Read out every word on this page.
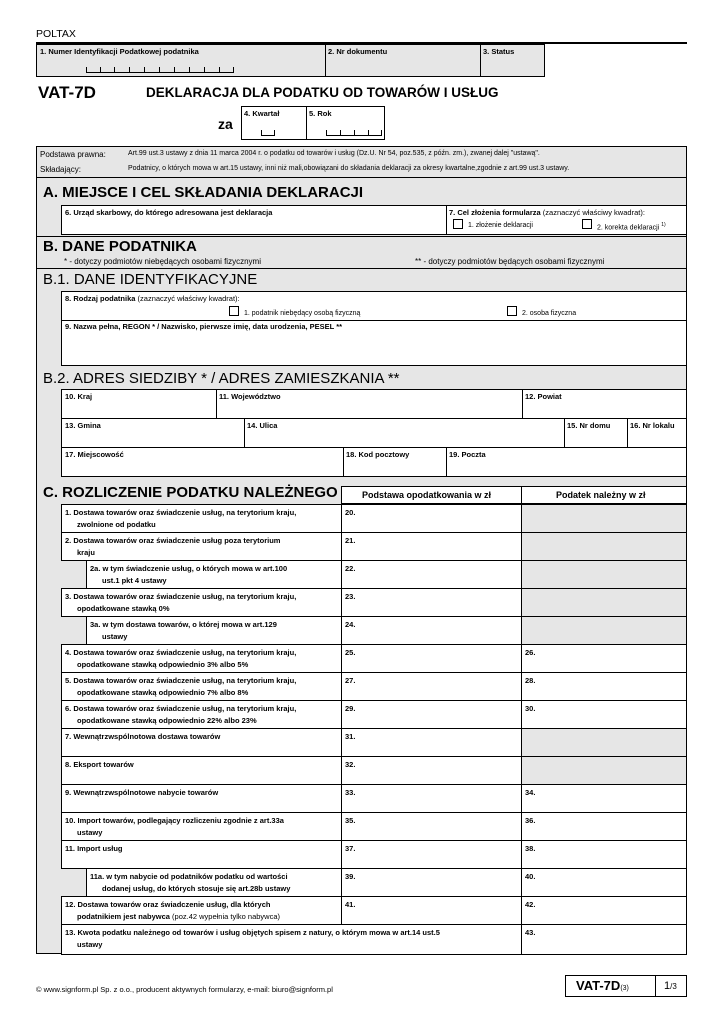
POLTAX
1. Numer Identyfikacji Podatkowej podatnika	2. Nr dokumentu	3. Status
VAT-7D	DEKLARACJA DLA PODATKU OD TOWARÓW I USŁUG
za
4. Kwartał	5. Rok
Podstawa prawna:	Art.99 ust.3 ustawy z dnia 11 marca 2004 r. o podatku od towarów i usług (Dz.U. Nr 54, poz.535, z późn. zm.), zwanej dalej "ustawą".
Składający:	Podatnicy, o których mowa w art.15 ustawy, inni niż mali,obowiązani do składania deklaracji za okresy kwartalne,zgodnie z art.99 ust.3 ustawy.
A. MIEJSCE I CEL SKŁADANIA DEKLARACJI
6. Urząd skarbowy, do którego adresowana jest deklaracja	7. Cel złożenia formularza (zaznaczyć właściwy kwadrat):
1. złożenie deklaracji	2. korekta deklaracji $^{1)}$
B. DANE PODATNIKA
* - dotyczy podmiotów niebędących osobami fizycznymi	** - dotyczy podmiotów będących osobami fizycznymi
B.1. DANE IDENTYFIKACYJNE
8. Rodzaj podatnika (zaznaczyć właściwy kwadrat):
1. podatnik niebędący osobą fizyczną	2. osoba fizyczna
9. Nazwa pełna, REGON * / Nazwisko, pierwsze imię, data urodzenia, PESEL **
B.2. ADRES SIEDZIBY * / ADRES ZAMIESZKANIA **
10. Kraj	11. Województwo	12. Powiat
13. Gmina	14. Ulica	15. Nr domu	16. Nr lokalu
17. Miejscowość	18. Kod pocztowy	19. Poczta
C. ROZLICZENIE PODATKU NALEŻNEGO	Podstawa opodatkowania w zł	Podatek należny w zł
1. Dostawa towarów oraz świadczenie usług, na terytorium kraju,
zwolnione od podatku
20.
2. Dostawa towarów oraz świadczenie usług poza terytorium
kraju
21.
2a. w tym świadczenie usług, o których mowa w art.100
ust.1 pkt 4 ustawy
22.
3. Dostawa towarów oraz świadczenie usług, na terytorium kraju,
opodatkowane stawką 0%
23.
3a. w tym dostawa towarów, o której mowa w art.129
ustawy
24.
4. Dostawa towarów oraz świadczenie usług, na terytorium kraju,
opodatkowane stawką odpowiednio 3% albo 5%
25.	26.
5. Dostawa towarów oraz świadczenie usług, na terytorium kraju,
opodatkowane stawką odpowiednio 7% albo 8%
27.	28.
6. Dostawa towarów oraz świadczenie usług, na terytorium kraju,
opodatkowane stawką odpowiednio 22% albo 23%
29.	30.
7. Wewnątrzwspólnotowa dostawa towarów	31.
8. Eksport towarów	32.
9. Wewnątrzwspólnotowe nabycie towarów	33.	34.
10. Import towarów, podlegający rozliczeniu zgodnie z art.33a
ustawy
35.	36.
11. Import usług	37.	38.
11a. w tym nabycie od podatników podatku od wartości
dodanej usług, do których stosuje się art.28b ustawy
39.	40.
12. Dostawa towarów oraz świadczenie usług, dla których
podatnikiem jest nabywca (poz.42 wypełnia tylko nabywca)
41.	42.
13. Kwota podatku należnego od towarów i usług objętych spisem z natury, o którym mowa w art.14 ust.5
ustawy
43.
© www.signform.pl Sp. z o.o., producent aktywnych formularzy, e-mail: biuro@signform.pl	VAT-7D(3)	1/3
